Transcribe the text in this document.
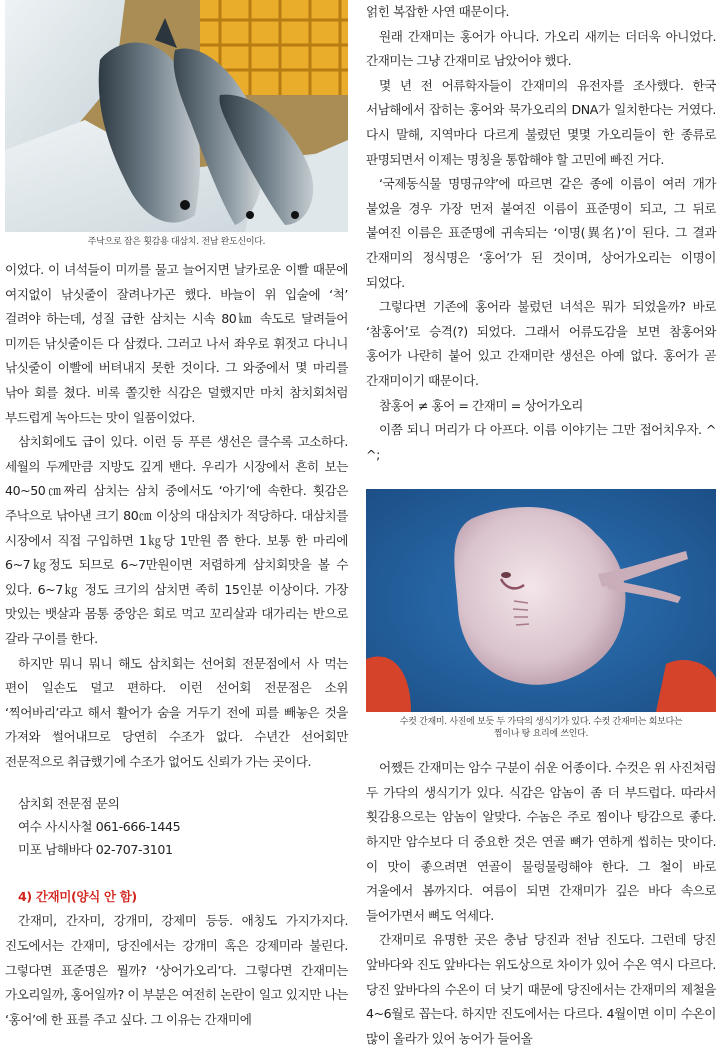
주낙으로 잡은 횟감용 대삼치. 전남 완도신이다.

이었다. 이 녀석들이 미끼를 물고 늘어지면 날카로운 이빨 때문에 여지없이 낚싯줄이 잘려나가곤 했다. 바늘이 위 입술에 ‘척’ 걸려야 하는데, 성질 급한 삼치는 시속 80㎞ 속도로 달려들어 미끼든 낚싯줄이든 다 삼켰다. 그러고 나서 좌우로 휘젓고 다니니 낚싯줄이 이빨에 버텨내지 못한 것이다. 그 와중에서 몇 마리를 낚아 회를 쳤다. 비록 쫄깃한 식감은 덜했지만 마치 참치회처럼 부드럽게 녹아드는 맛이 일품이었다.

삼치회에도 급이 있다. 이런 등 푸른 생선은 클수록 고소하다. 세월의 두께만큼 지방도 깊게 밴다. 우리가 시장에서 흔히 보는 40~50㎝짜리 삼치는 삼치 중에서도 ‘아기’에 속한다. 횟감은 주낙으로 낚아낸 크기 80㎝ 이상의 대삼치가 적당하다. 대삼치를 시장에서 직접 구입하면 1㎏당 1만원 쯤 한다. 보통 한 마리에 6~7㎏정도 되므로 6~7만원이면 저렴하게 삼치회맛을 볼 수 있다. 6~7㎏ 정도 크기의 삼치면 족히 15인분 이상이다. 가장 맛있는 뱃살과 몸통 중앙은 회로 먹고 꼬리살과 대가리는 반으로 갈라 구이를 한다.

하지만 뭐니 뭐니 해도 삼치회는 선어회 전문점에서 사 먹는 편이 일손도 덜고 편하다. 이런 선어회 전문점은 소위 ‘찍어바리’라고 해서 활어가 숨을 거두기 전에 피를 빼놓은 것을 가져와 썰어내므로 당연히 수조가 없다. 수년간 선어회만 전문적으로 취급했기에 수조가 없어도 신뢰가 가는 곳이다.

삼치회 전문점 문의
여수 사시사철 061-666-1445
미포 남해바다 02-707-3101
4) 간재미(양식 안 함)

간재미, 간자미, 강개미, 강제미 등등. 애칭도 가지가지다. 진도에서는 간재미, 당진에서는 강개미 혹은 강제미라 불린다. 그렇다면 표준명은 뭘까? ‘상어가오리’다. 그렇다면 간재미는 가오리일까, 홍어일까? 이 부분은 여전히 논란이 일고 있지만 나는 ‘홍어’에 한 표를 주고 싶다. 그 이유는 간재미에

얽힌 복잡한 사연 때문이다.

원래 간재미는 홍어가 아니다. 가오리 새끼는 더더욱 아니었다. 간재미는 그냥 간재미로 남았어야 했다.

몇 년 전 어류학자들이 간재미의 유전자를 조사했다. 한국 서남해에서 잡히는 홍어와 묵가오리의 DNA가 일치한다는 거였다. 다시 말해, 지역마다 다르게 불렸던 몇몇 가오리들이 한 종류로 판명되면서 이제는 명칭을 통합해야 할 고민에 빠진 거다.

‘국제동식물 명명규약’에 따르면 같은 종에 이름이 여러 개가 붙었을 경우 가장 먼저 붙여진 이름이 표준명이 되고, 그 뒤로 붙여진 이름은 표준명에 귀속되는 ‘이명(異名)’이 된다. 그 결과 간재미의 정식명은 ‘홍어’가 된 것이며, 상어가오리는 이명이 되었다.

그렇다면 기존에 홍어라 불렀던 녀석은 뭐가 되었을까? 바로 ‘참홍어’로 승격(?) 되었다. 그래서 어류도감을 보면 참홍어와 홍어가 나란히 붙어 있고 간재미란 생선은 아예 없다. 홍어가 곧 간재미이기 때문이다.

참홍어 ≠ 홍어 = 간재미 = 상어가오리

이쯤 되니 머리가 다 아프다. 이름 이야기는 그만 접어치우자. ^ ^;

수컷 간재미. 사진에 보듯 두 가닥의 생식기가 있다. 수컷 간재미는 회보다는
찜이나 탕 요리에 쓰인다.

어쨌든 간재미는 암수 구분이 쉬운 어종이다. 수컷은 위 사진처럼 두 가닥의 생식기가 있다. 식감은 암놈이 좀 더 부드럽다. 따라서 횟감용으로는 암놈이 알맞다. 수놈은 주로 찜이나 탕감으로 좋다. 하지만 암수보다 더 중요한 것은 연골 뼈가 연하게 씹히는 맛이다. 이 맛이 좋으려면 연골이 물렁물렁해야 한다. 그 철이 바로 겨울에서 봄까지다. 여름이 되면 간재미가 깊은 바다 속으로 들어가면서 뼈도 억세다.

간재미로 유명한 곳은 충남 당진과 전남 진도다. 그런데 당진 앞바다와 진도 앞바다는 위도상으로 차이가 있어 수온 역시 다르다. 당진 앞바다의 수온이 더 낮기 때문에 당진에서는 간재미의 제철을 4~6월로 꼽는다. 하지만 진도에서는 다르다. 4월이면 이미 수온이 많이 올라가 있어 농어가 들어올
